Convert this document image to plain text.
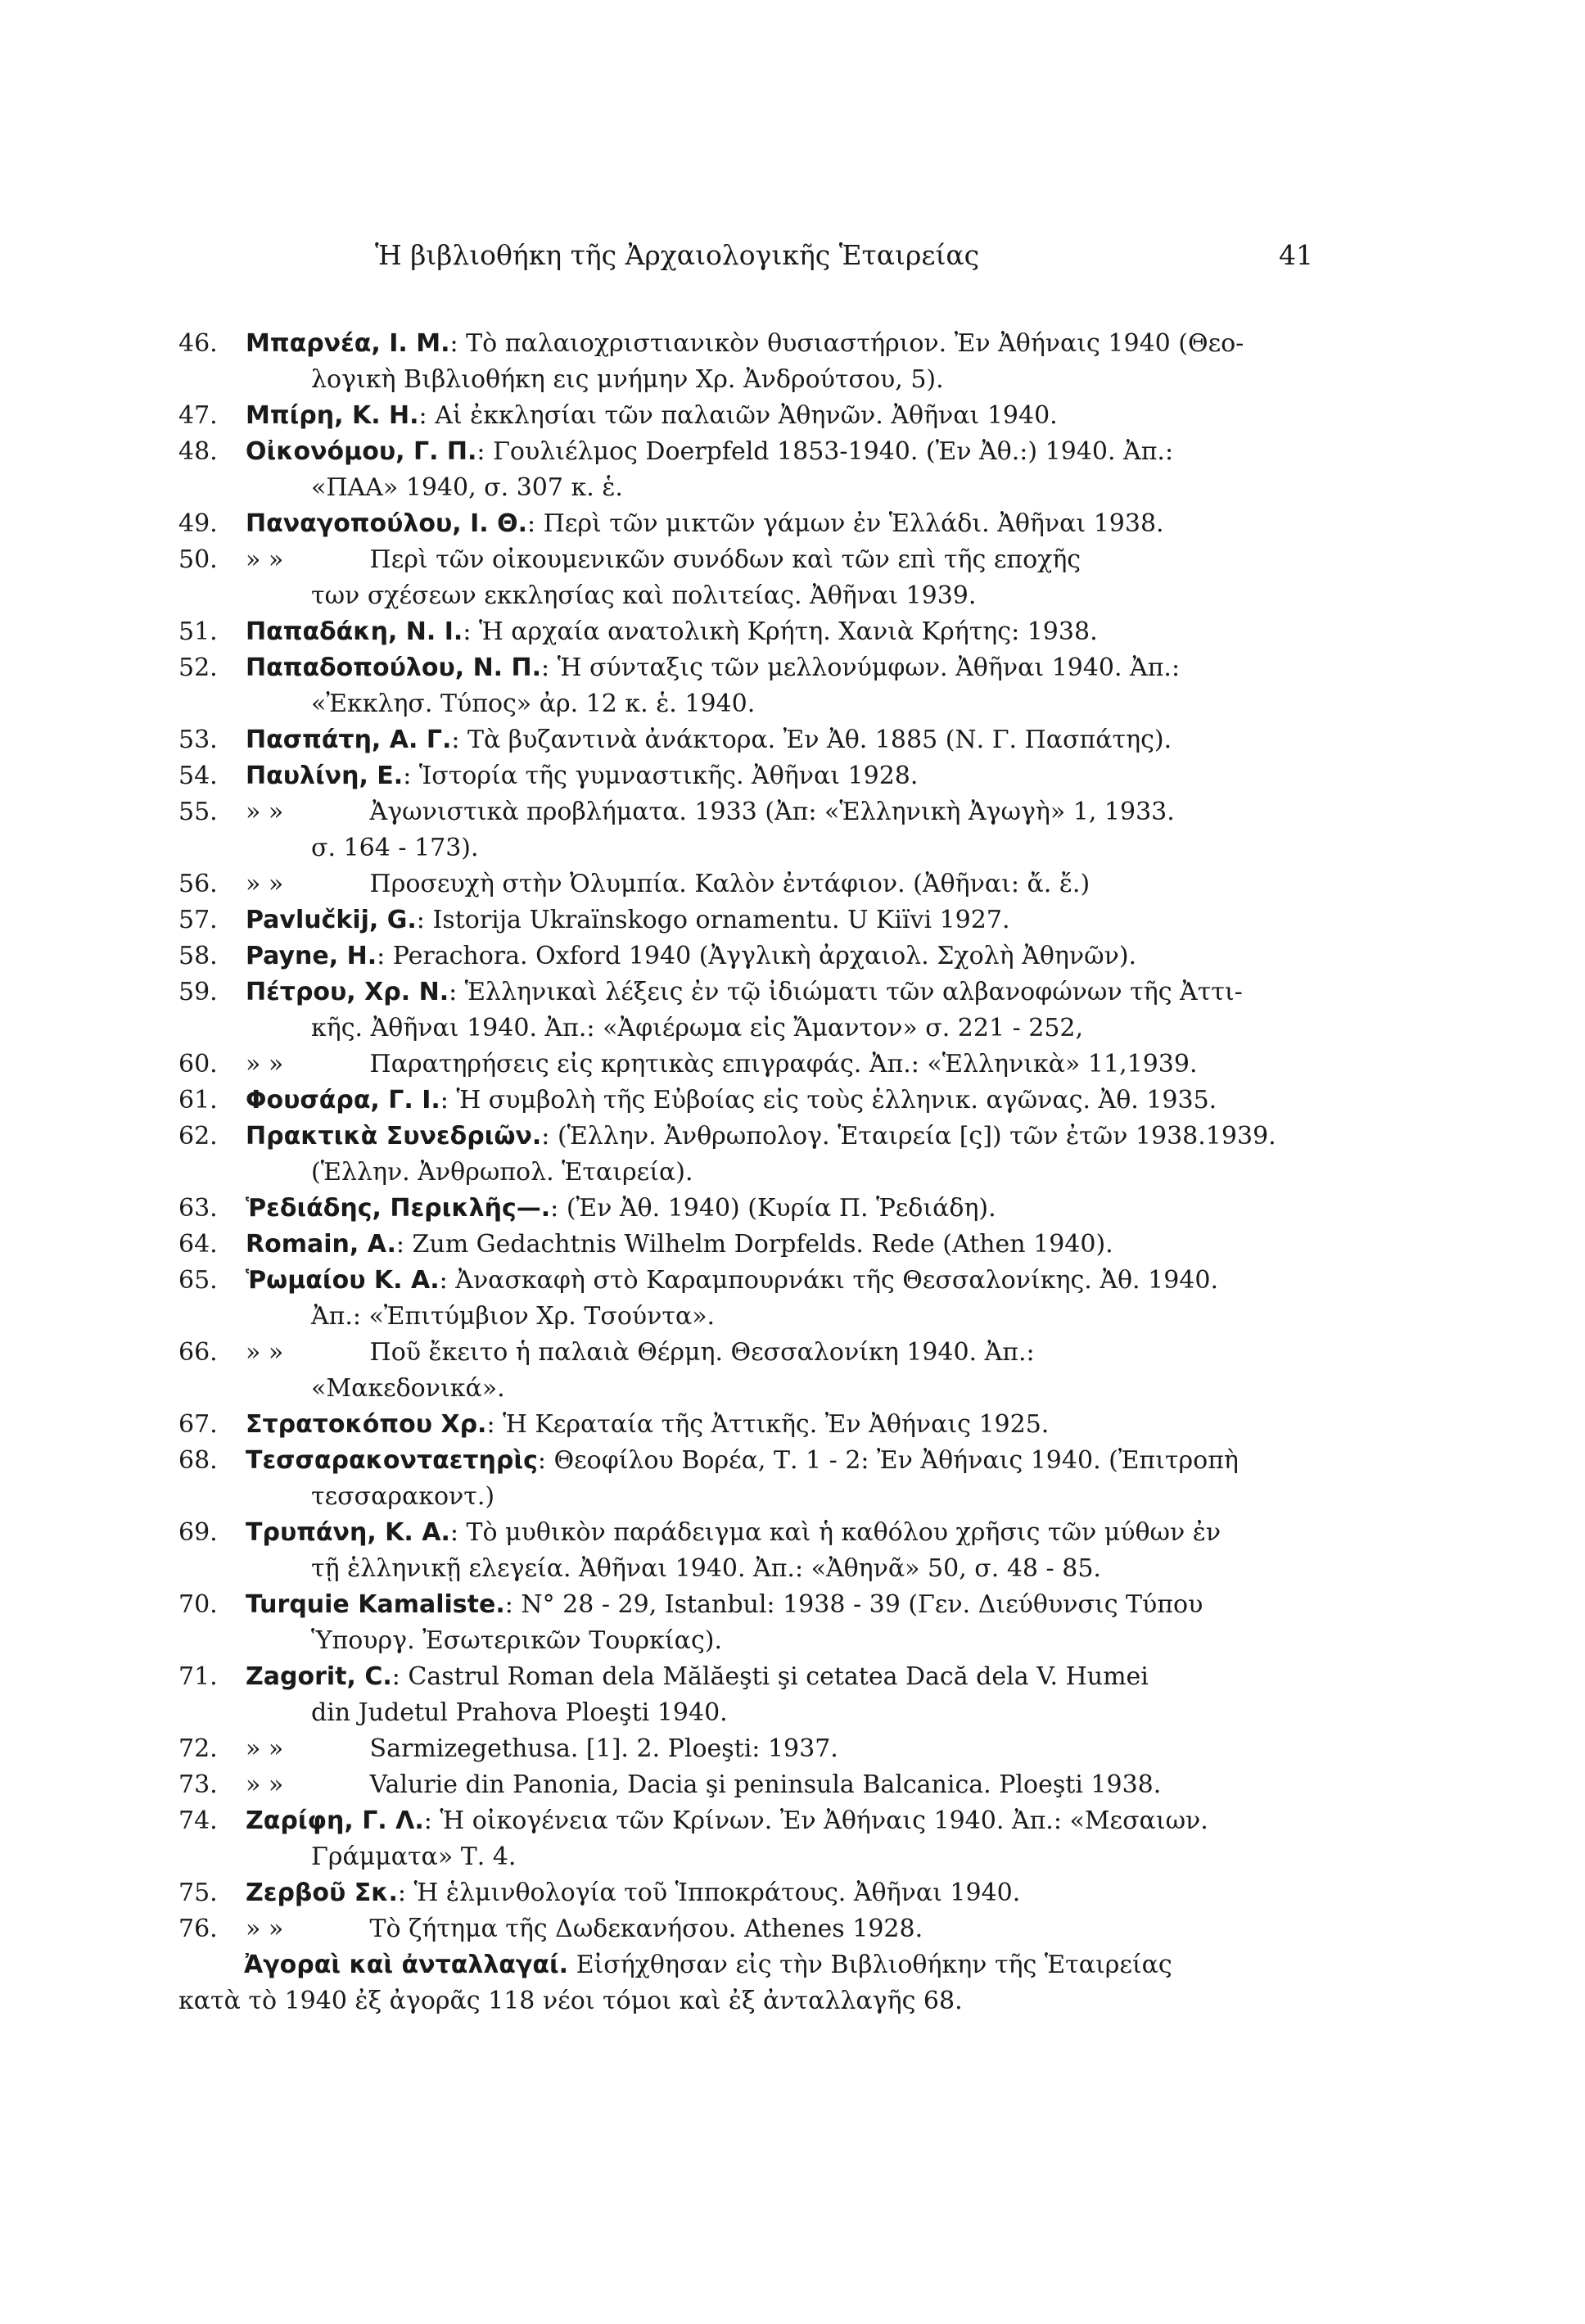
Ἡ βιβλιοθήκη τῆς Ἀρχαιολογικῆς Ἑταιρείας	41
46.	Μπαρνέα, Ι. Μ.: Τὸ παλαιοχριστιανικὸν θυσιαστήριον. Ἐν Ἀθήναις 1940 (Θεο-
λογικὴ Βιβλιοθήκη εις μνήμην Χρ. Ἀνδρούτσου, 5).
47.	Μπίρη, Κ. Η.: Αἱ ἐκκλησίαι τῶν παλαιῶν Ἀθηνῶν. Ἀθῆναι 1940.
48.	Οἰκονόμου, Γ. Π.: Γουλιέλμος Doerpfeld 1853-1940. (Ἐν Ἀθ.:) 1940. Ἀπ.:
«ΠΑΑ» 1940, σ. 307 κ. ἑ.
49.	Παναγοπούλου, Ι. Θ.: Περὶ τῶν μικτῶν γάμων ἐν Ἑλλάδι. Ἀθῆναι 1938.
50.	» »	Περὶ τῶν οἰκουμενικῶν συνόδων καὶ τῶν επὶ τῆς εποχῆς
των σχέσεων εκκλησίας καὶ πολιτείας. Ἀθῆναι 1939.
51.	Παπαδάκη, Ν. Ι.: Ἡ αρχαία ανατολικὴ Κρήτη. Χανιὰ Κρήτης: 1938.
52.	Παπαδοπούλου, Ν. Π.: Ἡ σύνταξις τῶν μελλονύμφων. Ἀθῆναι 1940. Ἀπ.:
«Ἐκκλησ. Τύπος» ἀρ. 12 κ. ἑ. 1940.
53.	Πασπάτη, Α. Γ.: Τὰ βυζαντινὰ ἀνάκτορα. Ἐν Ἀθ. 1885 (Ν. Γ. Πασπάτης).
54.	Παυλίνη, Ε.: Ἱστορία τῆς γυμναστικῆς. Ἀθῆναι 1928.
55.	» »	Ἀγωνιστικὰ προβλήματα. 1933 (Ἀπ: «Ἑλληνικὴ Ἀγωγὴ» 1, 1933.
σ. 164 - 173).
56.	» »	Προσευχὴ στὴν Ὀλυμπία. Καλὸν ἐντάφιον. (Ἀθῆναι: ἄ. ἔ.)
57.	Pavlučkij, G.: Istorija Ukraïnskogo ornamentu. U Kiïvi 1927.
58.	Payne, H.: Perachora. Oxford 1940 (Ἀγγλικὴ ἀρχαιολ. Σχολὴ Ἀθηνῶν).
59.	Πέτρου, Χρ. Ν.: Ἑλληνικαὶ λέξεις ἐν τῷ ἰδιώματι τῶν αλβανοφώνων τῆς Ἀττι-
κῆς. Ἀθῆναι 1940. Ἀπ.: «Ἀφιέρωμα εἰς Ἄμαντον» σ. 221 - 252,
60.	» »	Παρατηρήσεις εἰς κρητικὰς επιγραφάς. Ἀπ.: «Ἑλληνικὰ» 11,1939.
61.	Φουσάρα, Γ. Ι.: Ἡ συμβολὴ τῆς Εὐβοίας εἰς τοὺς ἑλληνικ. αγῶνας. Ἀθ. 1935.
62.	Πρακτικὰ Συνεδριῶν.: (Ἑλλην. Ἀνθρωπολογ. Ἑταιρεία [ς]) τῶν ἐτῶν 1938.1939.
(Ἑλλην. Ἀνθρωπολ. Ἑταιρεία).
63.	Ῥεδιάδης, Περικλῆς—.: (Ἐν Ἀθ. 1940) (Κυρία Π. Ῥεδιάδη).
64.	Romain, A.: Zum Gedachtnis Wilhelm Dorpfelds. Rede (Athen 1940).
65.	Ῥωμαίου Κ. Α.: Ἀνασκαφὴ στὸ Καραμπουρνάκι τῆς Θεσσαλονίκης. Ἀθ. 1940.
Ἀπ.: «Ἐπιτύμβιον Χρ. Τσούντα».
66.	» »	Ποῦ ἔκειτο ἡ παλαιὰ Θέρμη. Θεσσαλονίκη 1940. Ἀπ.:
«Μακεδονικά».
67.	Στρατοκόπου Χρ.: Ἡ Κεραταία τῆς Ἀττικῆς. Ἐν Ἀθήναις 1925.
68.	Τεσσαρακονταετηρὶς: Θεοφίλου Βορέα, Τ. 1 - 2: Ἐν Ἀθήναις 1940. (Ἐπιτροπὴ
τεσσαρακοντ.)
69.	Τρυπάνη, Κ. Α.: Τὸ μυθικὸν παράδειγμα καὶ ἡ καθόλου χρῆσις τῶν μύθων ἐν
τῇ ἑλληνικῇ ελεγεία. Ἀθῆναι 1940. Ἀπ.: «Ἀθηνᾶ» 50, σ. 48 - 85.
70.	Turquie Kamaliste.: N° 28 - 29, Istanbul: 1938 - 39 (Γεν. Διεύθυνσις Τύπου
Ὑπουργ. Ἐσωτερικῶν Τουρκίας).
71.	Zagorit, C.: Castrul Roman dela Mălăeşti şi cetatea Dacă dela V. Humei
din Judetul Prahova Ploeşti 1940.
72.	» »	Sarmizegethusa. [1]. 2. Ploeşti: 1937.
73.	» »	Valurie din Panonia, Dacia şi peninsula Balcanica. Ploeşti 1938.
74.	Ζαρίφη, Γ. Λ.: Ἡ οἰκογένεια τῶν Κρίνων. Ἐν Ἀθήναις 1940. Ἀπ.: «Μεσαιων.
Γράμματα» Τ. 4.
75.	Ζερβοῦ Σκ.: Ἡ ἑλμινθολογία τοῦ Ἱπποκράτους. Ἀθῆναι 1940.
76.	» »	Τὸ ζήτημα τῆς Δωδεκανήσου. Athenes 1928.
Ἀγοραὶ καὶ ἀνταλλαγαί. Εἰσήχθησαν εἰς τὴν Βιβλιοθήκην τῆς Ἑταιρείας
κατὰ τὸ 1940 ἐξ ἀγορᾶς 118 νέοι τόμοι καὶ ἐξ ἀνταλλαγῆς 68.
